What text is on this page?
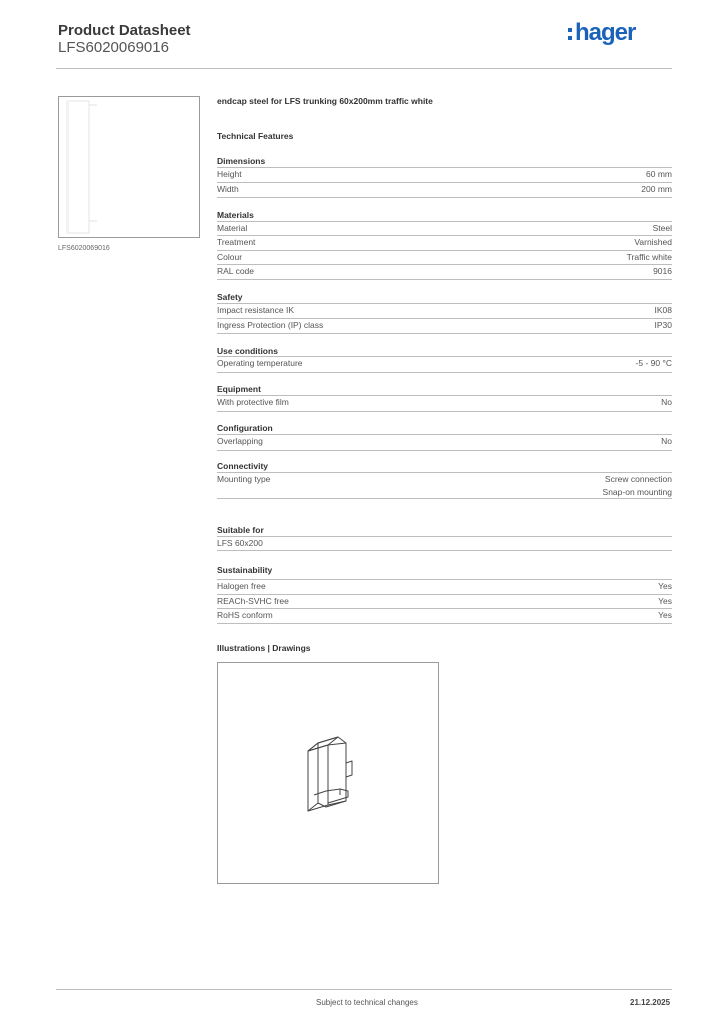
Product Datasheet
LFS6020069016
hager
LFS6020069016
endcap steel for LFS trunking 60x200mm traffic white
Technical Features
Dimensions
Height	60 mm
Width	200 mm
Materials
Material	Steel
Treatment	Varnished
Colour	Traffic white
RAL code	9016
Safety
Impact resistance IK	IK08
Ingress Protection (IP) class	IP30
Use conditions
Operating temperature	-5 - 90 °C
Equipment
With protective film	No
Configuration
Overlapping	No
Connectivity
Mounting type	Screw connection
Snap-on mounting
Suitable for
LFS 60x200
Sustainability
Halogen free	Yes
REACh-SVHC free	Yes
RoHS conform	Yes
Illustrations | Drawings
Subject to technical changes	21.12.2025
